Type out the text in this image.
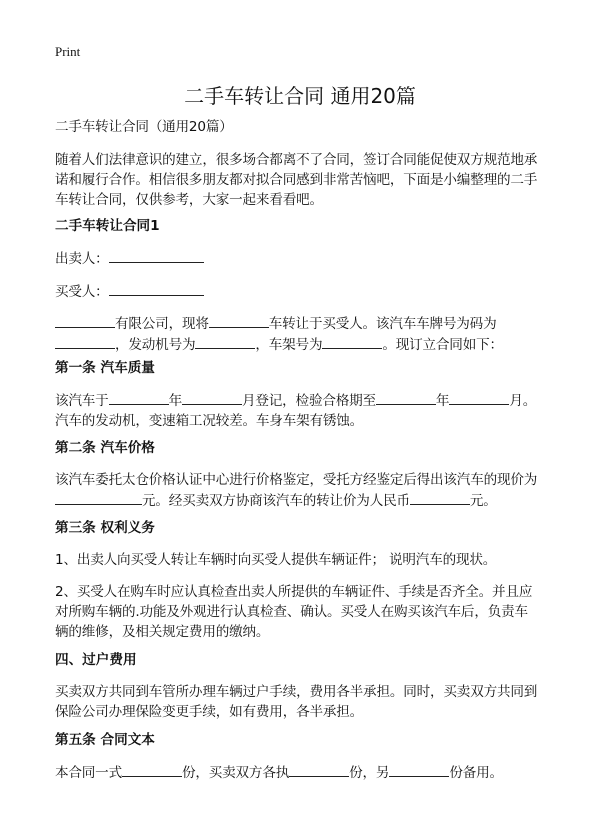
Print
二手车转让合同 通用20篇
二手车转让合同（通用20篇）
随着人们法律意识的建立，很多场合都离不了合同，签订合同能促使双方规范地承
诺和履行合作。相信很多朋友都对拟合同感到非常苦恼吧，下面是小编整理的二手
车转让合同，仅供参考，大家一起来看看吧。
二手车转让合同1
出卖人：
买受人：
有限公司，现将	车转让于买受人。该汽车车牌号为码为
，发动机号为	，车架号为	。现订立合同如下：
第一条 汽车质量
该汽车于	年	月登记，检验合格期至	年	月。
汽车的发动机，变速箱工况较差。车身车架有锈蚀。
第二条 汽车价格
该汽车委托太仓价格认证中心进行价格鉴定，受托方经鉴定后得出该汽车的现价为
元。经买卖双方协商该汽车的转让价为人民币	元。
第三条 权利义务
1、出卖人向买受人转让车辆时向买受人提供车辆证件； 说明汽车的现状。
2、买受人在购车时应认真检查出卖人所提供的车辆证件、手续是否齐全。并且应
对所购车辆的.功能及外观进行认真检查、确认。买受人在购买该汽车后，负责车
辆的维修，及相关规定费用的缴纳。
四、过户费用
买卖双方共同到车管所办理车辆过户手续，费用各半承担。同时，买卖双方共同到
保险公司办理保险变更手续，如有费用，各半承担。
第五条 合同文本
本合同一式	份，买卖双方各执	份，另	份备用。
